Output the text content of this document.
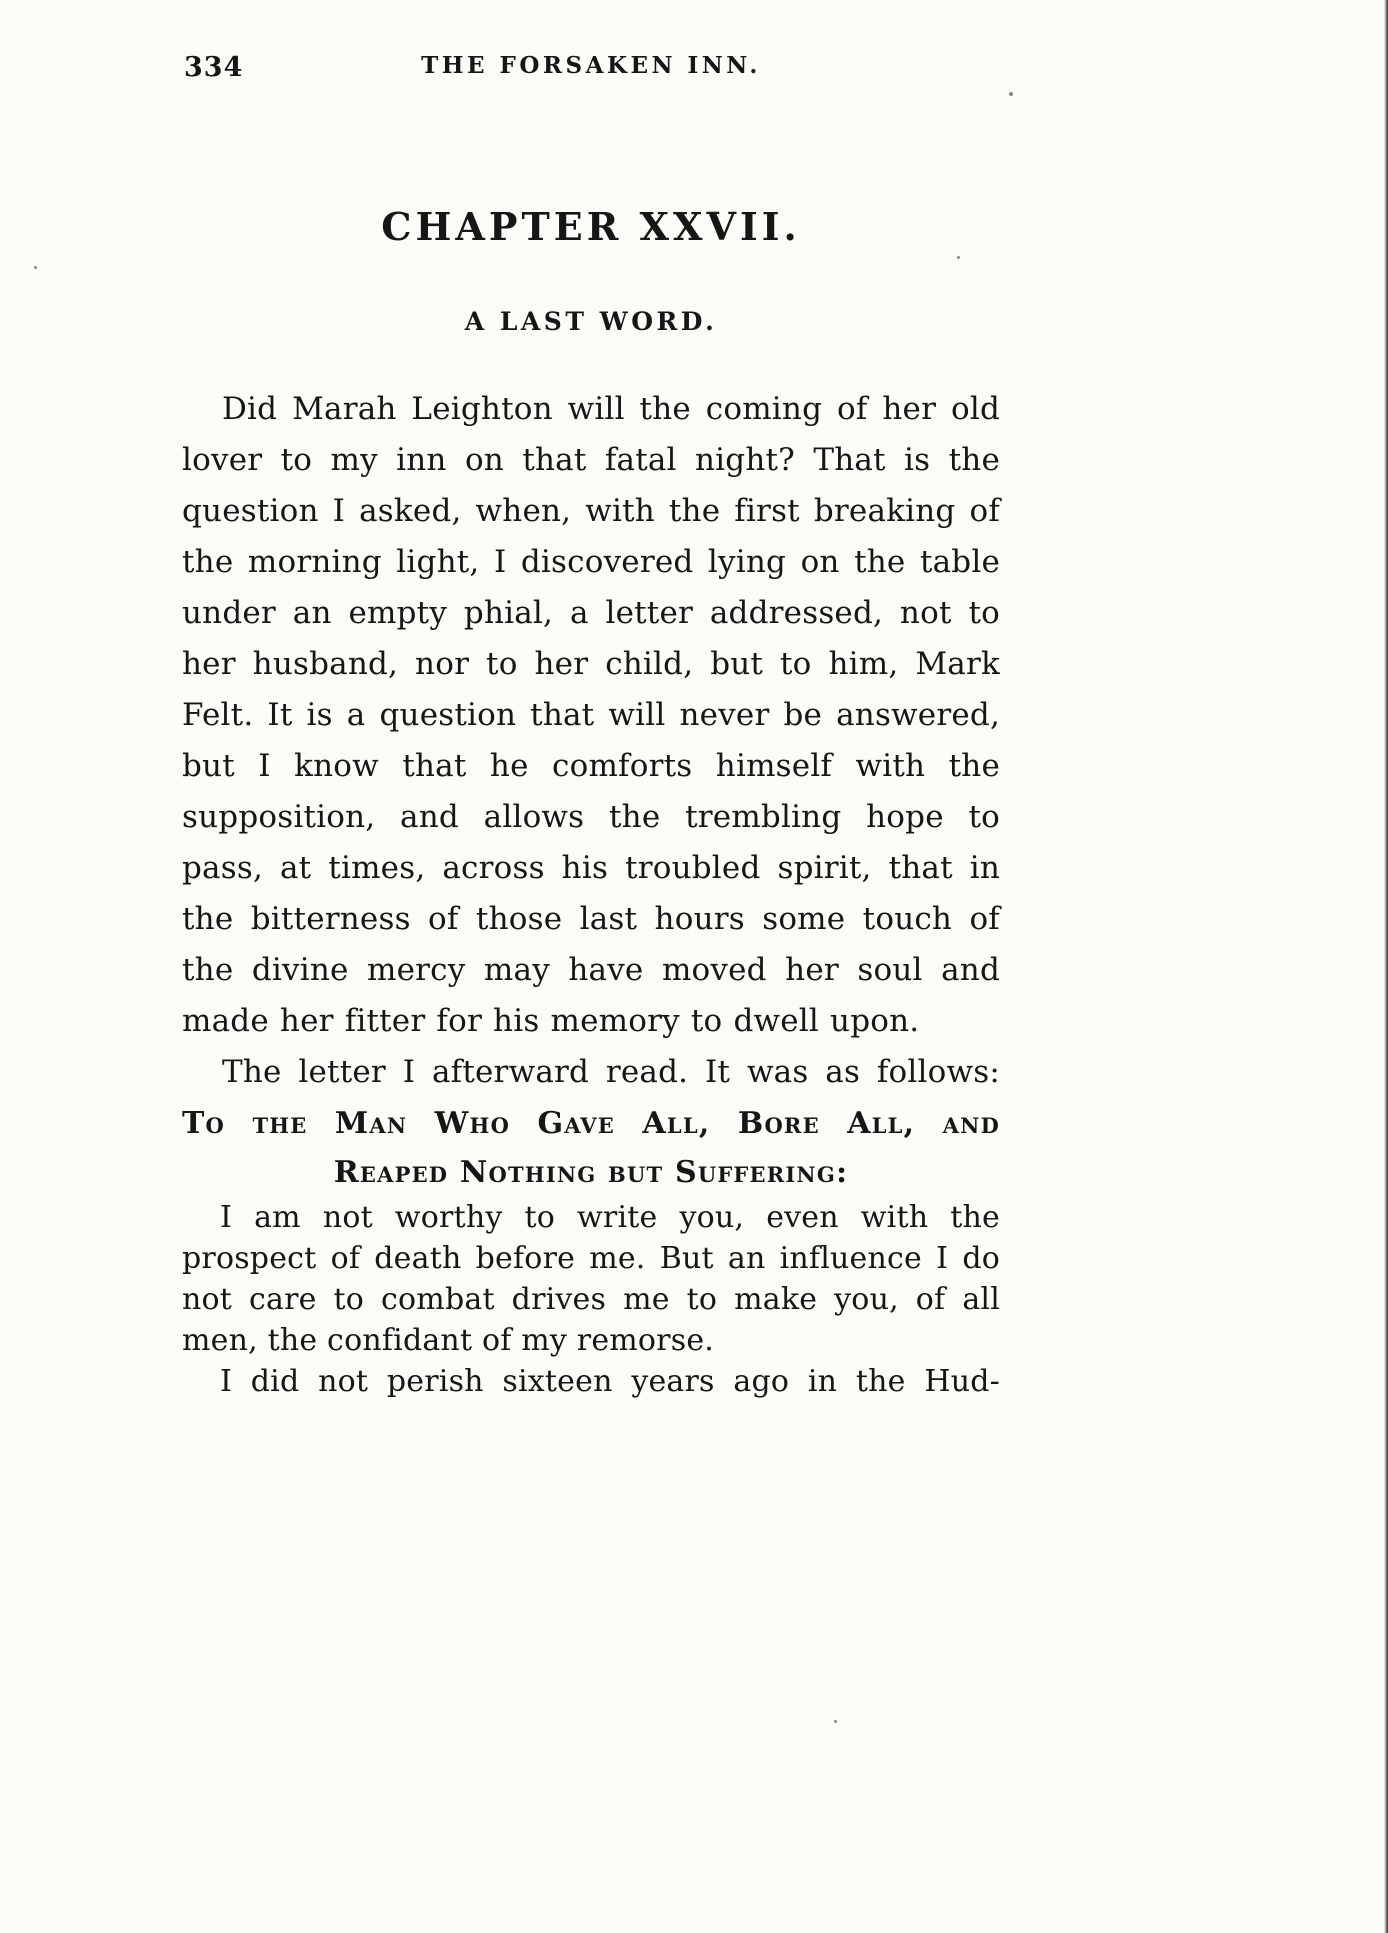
334	THE FORSAKEN INN.
CHAPTER XXVII.
A LAST WORD.

Did Marah Leighton will the coming of her old lover to my inn on that fatal night? That is the question I asked, when, with the first breaking of the morning light, I discovered lying on the table under an empty phial, a letter addressed, not to her husband, nor to her child, but to him, Mark Felt. It is a question that will never be answered, but I know that he comforts himself with the supposition, and allows the trembling hope to pass, at times, across his troubled spirit, that in the bitterness of those last hours some touch of the divine mercy may have moved her soul and made her fitter for his memory to dwell upon.

The letter I afterward read. It was as follows:

To the Man Who Gave All, Bore All, and
Reaped Nothing but Suffering:

I am not worthy to write you, even with the prospect of death before me. But an influence I do not care to combat drives me to make you, of all men, the confidant of my remorse.

I did not perish sixteen years ago in the Hud-
